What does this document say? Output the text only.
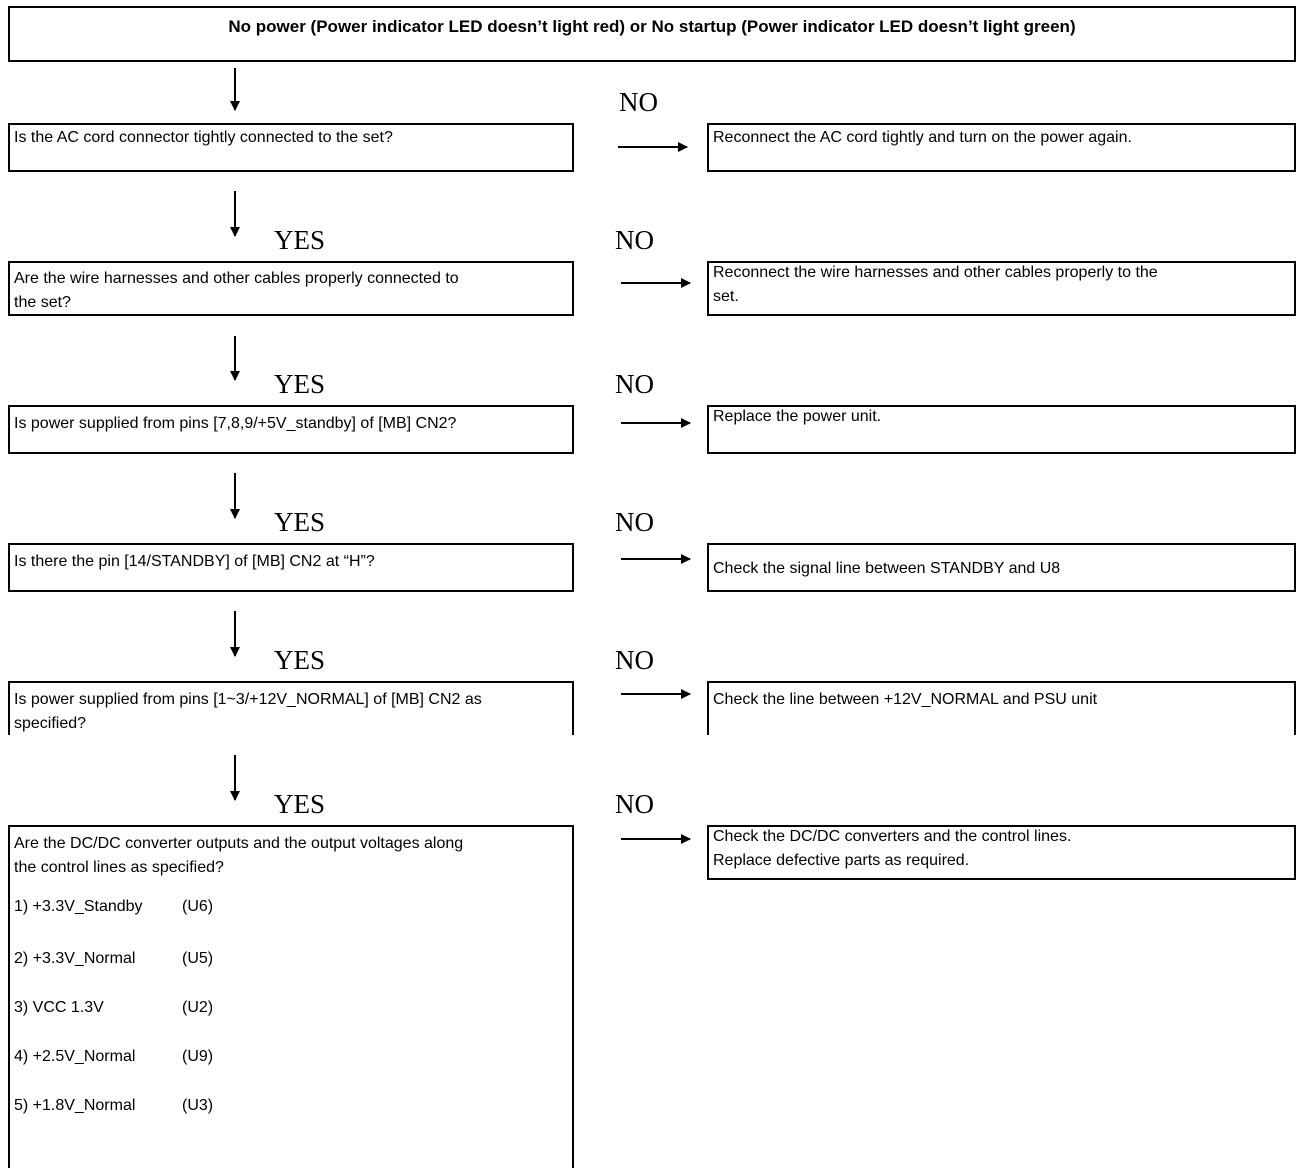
No power (Power indicator LED doesn’t light red) or No startup (Power indicator LED doesn’t light green)
NO
Is the AC cord connector tightly connected to the set?	Reconnect the AC cord tightly and turn on the power again.
YES	NO
Are the wire harnesses and other cables properly connected to
the set?
Reconnect the wire harnesses and other cables properly to the
set.
YES	NO
Is power supplied from pins [7,8,9/+5V_standby] of [MB] CN2?	Replace the power unit.
YES	NO
Is there the pin [14/STANDBY] of [MB] CN2 at “H”?	Check the signal line between STANDBY and U8
YES	NO
Is power supplied from pins [1~3/+12V_NORMAL] of [MB] CN2 as
specified?
Check the line between +12V_NORMAL and PSU unit
YES	NO
Are the DC/DC converter outputs and the output voltages along
the control lines as specified?
Check the DC/DC converters and the control lines.
Replace defective parts as required.
1) +3.3V_Standby (U6)
2) +3.3V_Normal	(U5)
3) VCC 1.3V	(U2)
4) +2.5V_Normal	(U9)
5) +1.8V_Normal	(U3)
